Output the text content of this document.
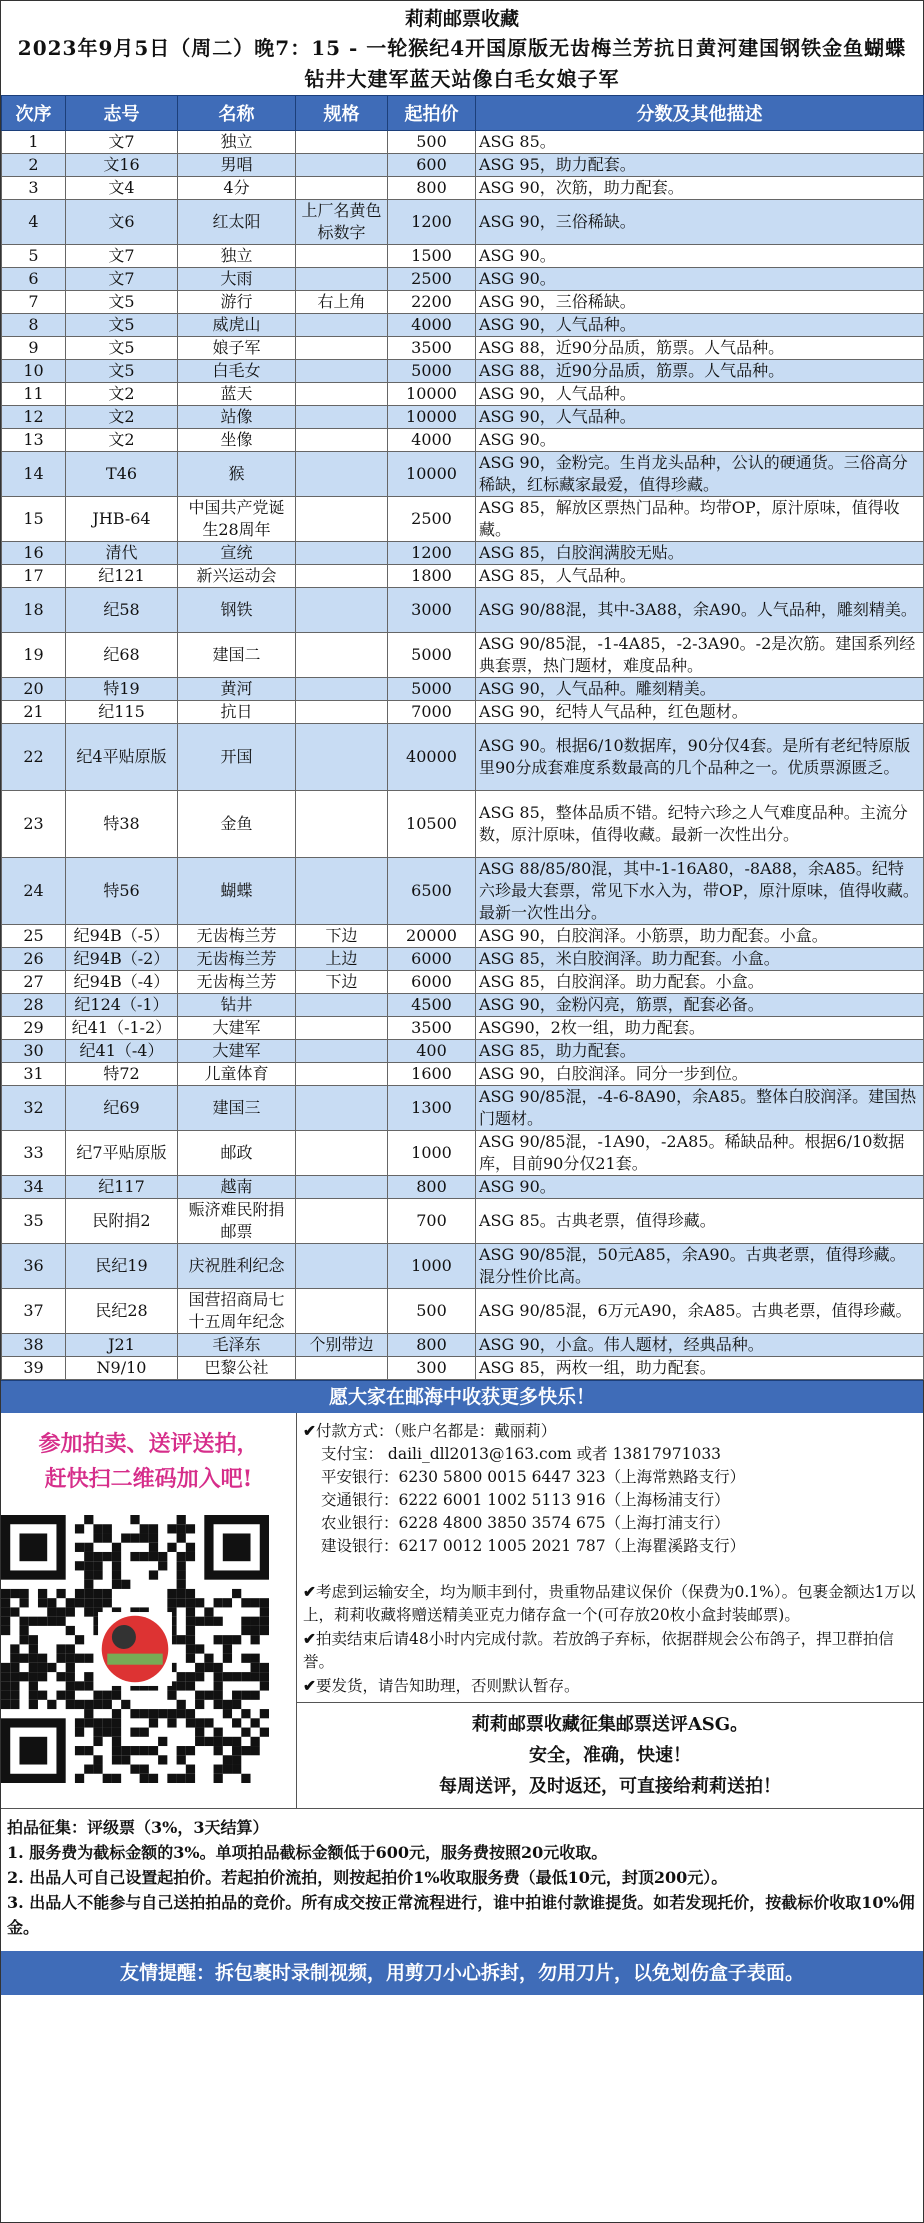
莉莉邮票收藏
2023年9月5日（周二）晚7：15 - 一轮猴纪4开国原版无齿梅兰芳抗日黄河建国钢铁金鱼蝴蝶
钻井大建军蓝天站像白毛女娘子军
次序	志号	名称	规格	起拍价	分数及其他描述
1	文7	独立		500	ASG 85。
2	文16	男唱		600	ASG 95，助力配套。
3	文4	4分		800	ASG 90，次筋，助力配套。
4	文6	红太阳	上厂名黄色标数字	1200	ASG 90，三俗稀缺。
5	文7	独立		1500	ASG 90。
6	文7	大雨		2500	ASG 90。
7	文5	游行	右上角	2200	ASG 90，三俗稀缺。
8	文5	威虎山		4000	ASG 90，人气品种。
9	文5	娘子军		3500	ASG 88，近90分品质，筋票。人气品种。
10	文5	白毛女		5000	ASG 88，近90分品质，筋票。人气品种。
11	文2	蓝天		10000	ASG 90，人气品种。
12	文2	站像		10000	ASG 90，人气品种。
13	文2	坐像		4000	ASG 90。
14	T46	猴		10000	ASG 90，金粉完。生肖龙头品种，公认的硬通货。三俗高分稀缺，红标藏家最爱，值得珍藏。
15	JHB-64	中国共产党诞生28周年		2500	ASG 85，解放区票热门品种。均带OP，原汁原味，值得收藏。
16	清代	宣统		1200	ASG 85，白胶润满胶无贴。
17	纪121	新兴运动会		1800	ASG 85，人气品种。
18	纪58	钢铁		3000	ASG 90/88混，其中-3A88，余A90。人气品种，雕刻精美。
19	纪68	建国二		5000	ASG 90/85混，-1-4A85，-2-3A90。-2是次筋。建国系列经典套票，热门题材，难度品种。
20	特19	黄河		5000	ASG 90，人气品种。雕刻精美。
21	纪115	抗日		7000	ASG 90，纪特人气品种，红色题材。
22	纪4平贴原版	开国		40000	ASG 90。根据6/10数据库，90分仅4套。是所有老纪特原版里90分成套难度系数最高的几个品种之一。优质票源匮乏。
23	特38	金鱼		10500	ASG 85，整体品质不错。纪特六珍之人气难度品种。主流分数，原汁原味，值得收藏。最新一次性出分。
24	特56	蝴蝶		6500	ASG 88/85/80混，其中-1-16A80，-8A88，余A85。纪特六珍最大套票，常见下水入为，带OP，原汁原味，值得收藏。最新一次性出分。
25	纪94B（-5）	无齿梅兰芳	下边	20000	ASG 90，白胶润泽。小筋票，助力配套。小盒。
26	纪94B（-2）	无齿梅兰芳	上边	6000	ASG 85，米白胶润泽。助力配套。小盒。
27	纪94B（-4）	无齿梅兰芳	下边	6000	ASG 85，白胶润泽。助力配套。小盒。
28	纪124（-1）	钻井		4500	ASG 90，金粉闪亮，筋票，配套必备。
29	纪41（-1-2）	大建军		3500	ASG90，2枚一组，助力配套。
30	纪41（-4）	大建军		400	ASG 85，助力配套。
31	特72	儿童体育		1600	ASG 90，白胶润泽。同分一步到位。
32	纪69	建国三		1300	ASG 90/85混，-4-6-8A90，余A85。整体白胶润泽。建国热门题材。
33	纪7平贴原版	邮政		1000	ASG 90/85混，-1A90，-2A85。稀缺品种。根据6/10数据库，目前90分仅21套。
34	纪117	越南		800	ASG 90。
35	民附捐2	赈济难民附捐邮票		700	ASG 85。古典老票，值得珍藏。
36	民纪19	庆祝胜利纪念		1000	ASG 90/85混，50元A85，余A90。古典老票，值得珍藏。混分性价比高。
37	民纪28	国营招商局七十五周年纪念		500	ASG 90/85混，6万元A90，余A85。古典老票，值得珍藏。
38	J21	毛泽东	个别带边	800	ASG 90，小盒。伟人题材，经典品种。
39	N9/10	巴黎公社		300	ASG 85，两枚一组，助力配套。
愿大家在邮海中收获更多快乐！
参加拍卖、送评送拍，
赶快扫二维码加入吧!
✔付款方式：（账户名都是：戴丽莉）
支付宝： daili_dll2013@163.com 或者 13817971033
平安银行：6230 5800 0015 6447 323（上海常熟路支行）
交通银行：6222 6001 1002 5113 916（上海杨浦支行）
农业银行：6228 4800 3850 3574 675（上海打浦支行）
建设银行：6217 0012 1005 2021 787（上海瞿溪路支行）
✔考虑到运输安全，均为顺丰到付，贵重物品建议保价（保费为0.1%）。包裹金额达1万以上，莉莉收藏将赠送精美亚克力储存盒一个(可存放20枚小盒封装邮票)。
✔拍卖结束后请48小时内完成付款。若放鸽子弃标，依据群规会公布鸽子，捍卫群拍信誉。
✔要发货，请告知助理，否则默认暂存。
莉莉邮票收藏征集邮票送评ASG。
安全，准确，快速！
每周送评，及时返还，可直接给莉莉送拍！
拍品征集：评级票（3%，3天结算）
1. 服务费为截标金额的3%。单项拍品截标金额低于600元，服务费按照20元收取。
2. 出品人可自己设置起拍价。若起拍价流拍，则按起拍价1%收取服务费（最低10元，封顶200元）。
3. 出品人不能参与自己送拍拍品的竞价。所有成交按正常流程进行，谁中拍谁付款谁提货。如若发现托价，按截标价收取10%佣金。
友情提醒：拆包裹时录制视频，用剪刀小心拆封，勿用刀片，以免划伤盒子表面。
